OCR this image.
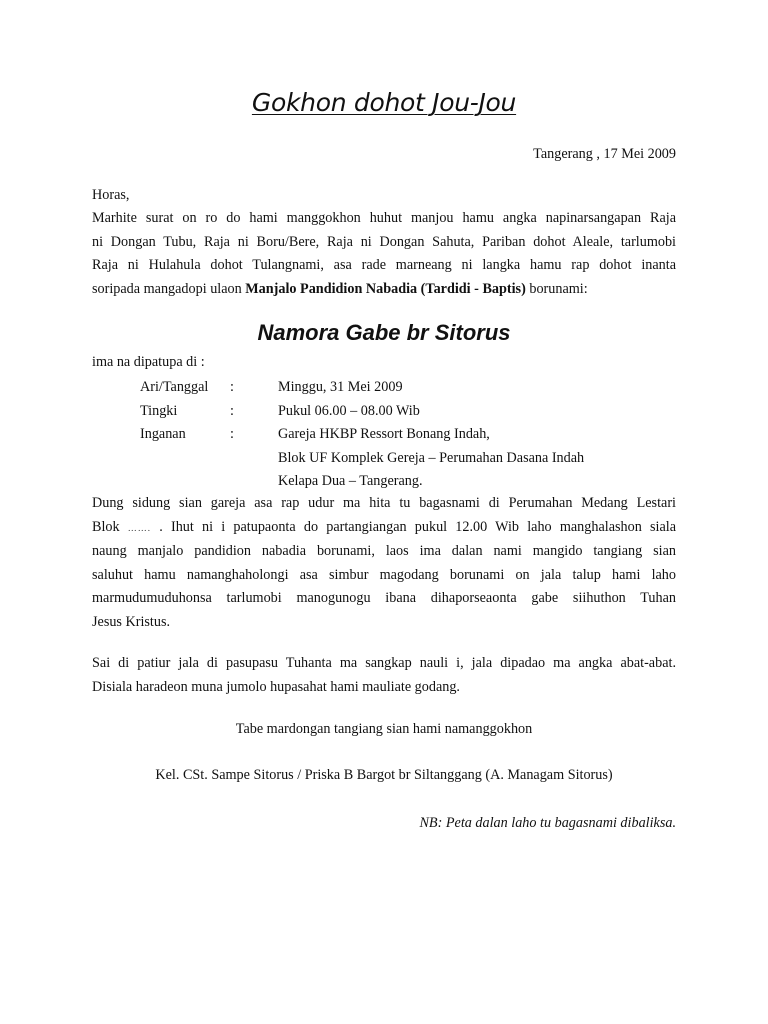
Gokhon dohot Jou-Jou
Tangerang , 17 Mei 2009
Horas,
Marhite surat on ro do hami manggokhon huhut manjou hamu angka napinarsangapan Raja
ni Dongan Tubu, Raja ni Boru/Bere, Raja ni Dongan Sahuta, Pariban dohot Aleale, tarlumobi
Raja ni Hulahula dohot Tulangnami, asa rade marneang ni langka hamu rap dohot inanta
soripada mangadopi ulaon Manjalo Pandidion Nabadia (Tardidi - Baptis) borunami:
Namora Gabe br Sitorus
ima na dipatupa di :
Ari/Tanggal	:	Minggu, 31 Mei 2009
Tingki	:	Pukul 06.00 – 08.00 Wib
Inganan	:	Gareja HKBP Ressort Bonang Indah,
Blok UF Komplek Gereja – Perumahan Dasana Indah
Kelapa Dua – Tangerang.
Dung sidung sian gareja asa rap udur ma hita tu bagasnami di Perumahan Medang Lestari
Blok ……. . Ihut ni i patupaonta do partangiangan pukul 12.00 Wib laho manghalashon siala
naung manjalo pandidion nabadia borunami, laos ima dalan nami mangido tangiang sian
saluhut hamu namanghaholongi asa simbur magodang borunami on jala talup hami laho
marmudumuduhonsa tarlumobi manogunogu ibana dihaporseaonta gabe siihuthon Tuhan
Jesus Kristus.
Sai di patiur jala di pasupasu Tuhanta ma sangkap nauli i, jala dipadao ma angka abat-abat.
Disiala haradeon muna jumolo hupasahat hami mauliate godang.
Tabe mardongan tangiang sian hami namanggokhon
Kel. CSt. Sampe Sitorus / Priska B Bargot br Siltanggang (A. Managam Sitorus)
NB: Peta dalan laho tu bagasnami dibaliksa.
